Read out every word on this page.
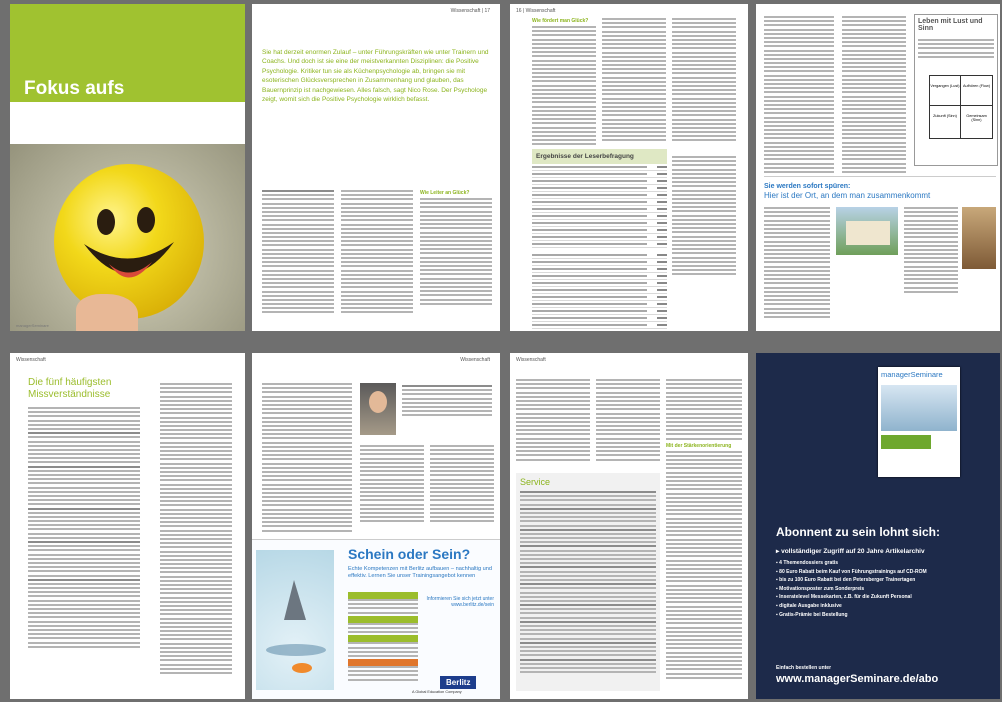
Fokus aufs
Funktionierende
POSITIVE PSYCHOLOGIE
managerSeminare
Wissenschaft | 17
Sie hat derzeit enormen Zulauf – unter Führungskräften wie unter Trainern und Coachs. Und doch ist sie eine der meistverkannten Disziplinen: die Positive Psychologie. Kritiker tun sie als Küchenpsychologie ab, bringen sie mit esoterischen Glücksversprechen in Zusammenhang und glauben, das Bauernprinzip ist nachgewiesen. Alles falsch, sagt Nico Rose. Der Psychologe zeigt, womit sich die Positive Psychologie wirklich befasst.
Wie Leiter an Glück?
16 | Wissenschaft
Wie fördert man Glück?
Ergebnisse der Leserbefragung
Leben mit Lust und Sinn
Vergangen (Lust) Aufhören (Flow)
Zukunft (Sinn)	Gemeinsam (Sinn)
Sie werden sofort spüren:
Hier ist der Ort, an dem man zusammenkommt
Wissenschaft
Die fünf häufigsten Missverständnisse
Wissenschaft
Schein oder Sein?
Echte Kompetenzen mit Berlitz aufbauen – nachhaltig und effektiv. Lernen Sie unser Trainingsangebot kennen
Informieren Sie sich jetzt unter www.berlitz.de/sein
Berlitz
A Global Education Company
Wissenschaft
Service
Mit der Stärkenorientierung
managerSeminare
Abonnent zu sein lohnt sich:
▸ vollständiger Zugriff auf 20 Jahre Artikelarchiv
▪ 4 Themendossiers gratis
▪ 80 Euro Rabatt beim Kauf von Führungstrainings auf CD-ROM
▪ bis zu 100 Euro Rabatt bei den Petersberger Trainertagen
▪ Motivationsposter zum Sonderpreis
▪ Inseratelevel Messekarten, z.B. für die Zukunft Personal
▪ digitale Ausgabe inklusive
▪ Gratis-Prämie bei Bestellung
Einfach bestellen unter
www.managerSeminare.de/abo
